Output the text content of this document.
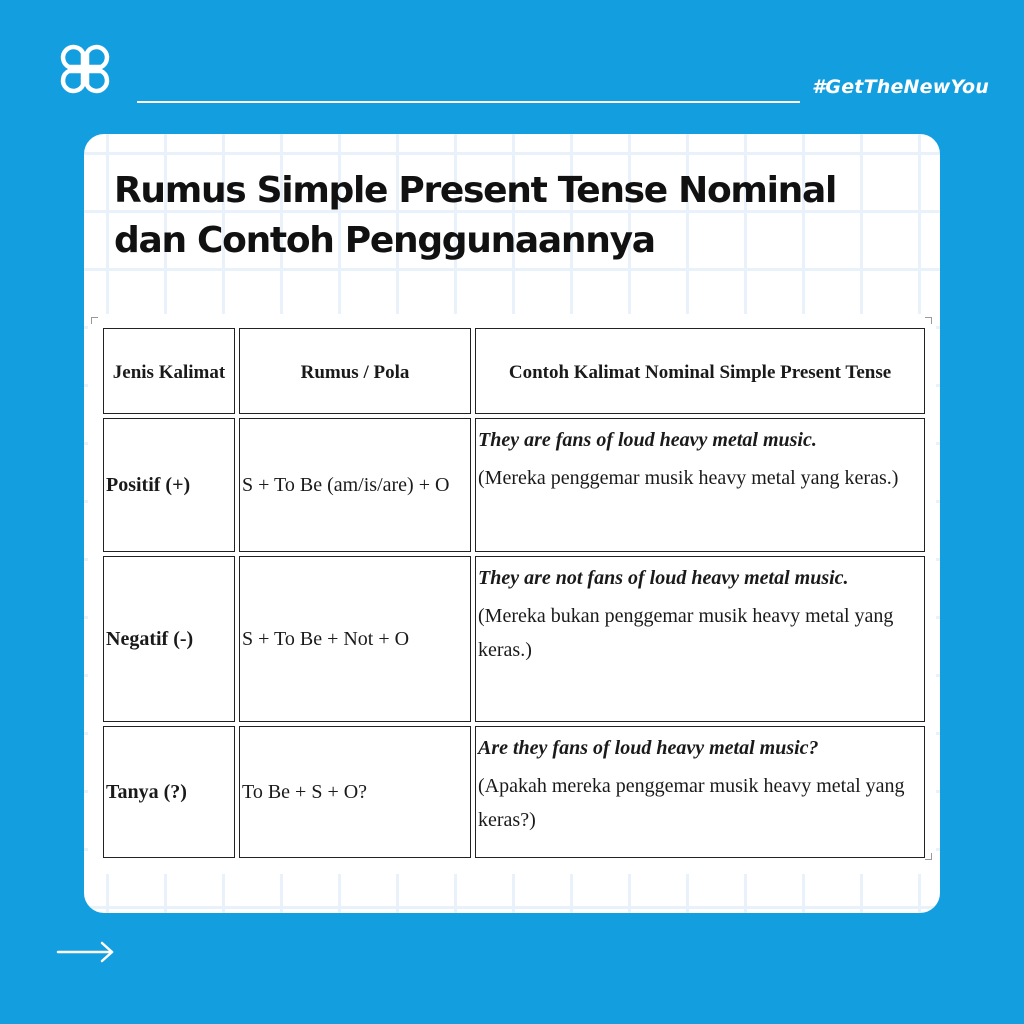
#GetTheNewYou
Rumus Simple Present Tense Nominal dan Contoh Penggunaannya
Jenis Kalimat	Rumus / Pola	Contoh Kalimat Nominal Simple Present Tense
Positif (+)	S + To Be (am/is/are) + O	They are fans of loud heavy metal music.
(Mereka penggemar musik heavy metal yang keras.)

Negatif (-)	S + To Be + Not + O	They are not fans of loud heavy metal music.
(Mereka bukan penggemar musik heavy metal yang keras.)

Tanya (?)	To Be + S + O?	Are they fans of loud heavy metal music?
(Apakah mereka penggemar musik heavy metal yang keras?)
